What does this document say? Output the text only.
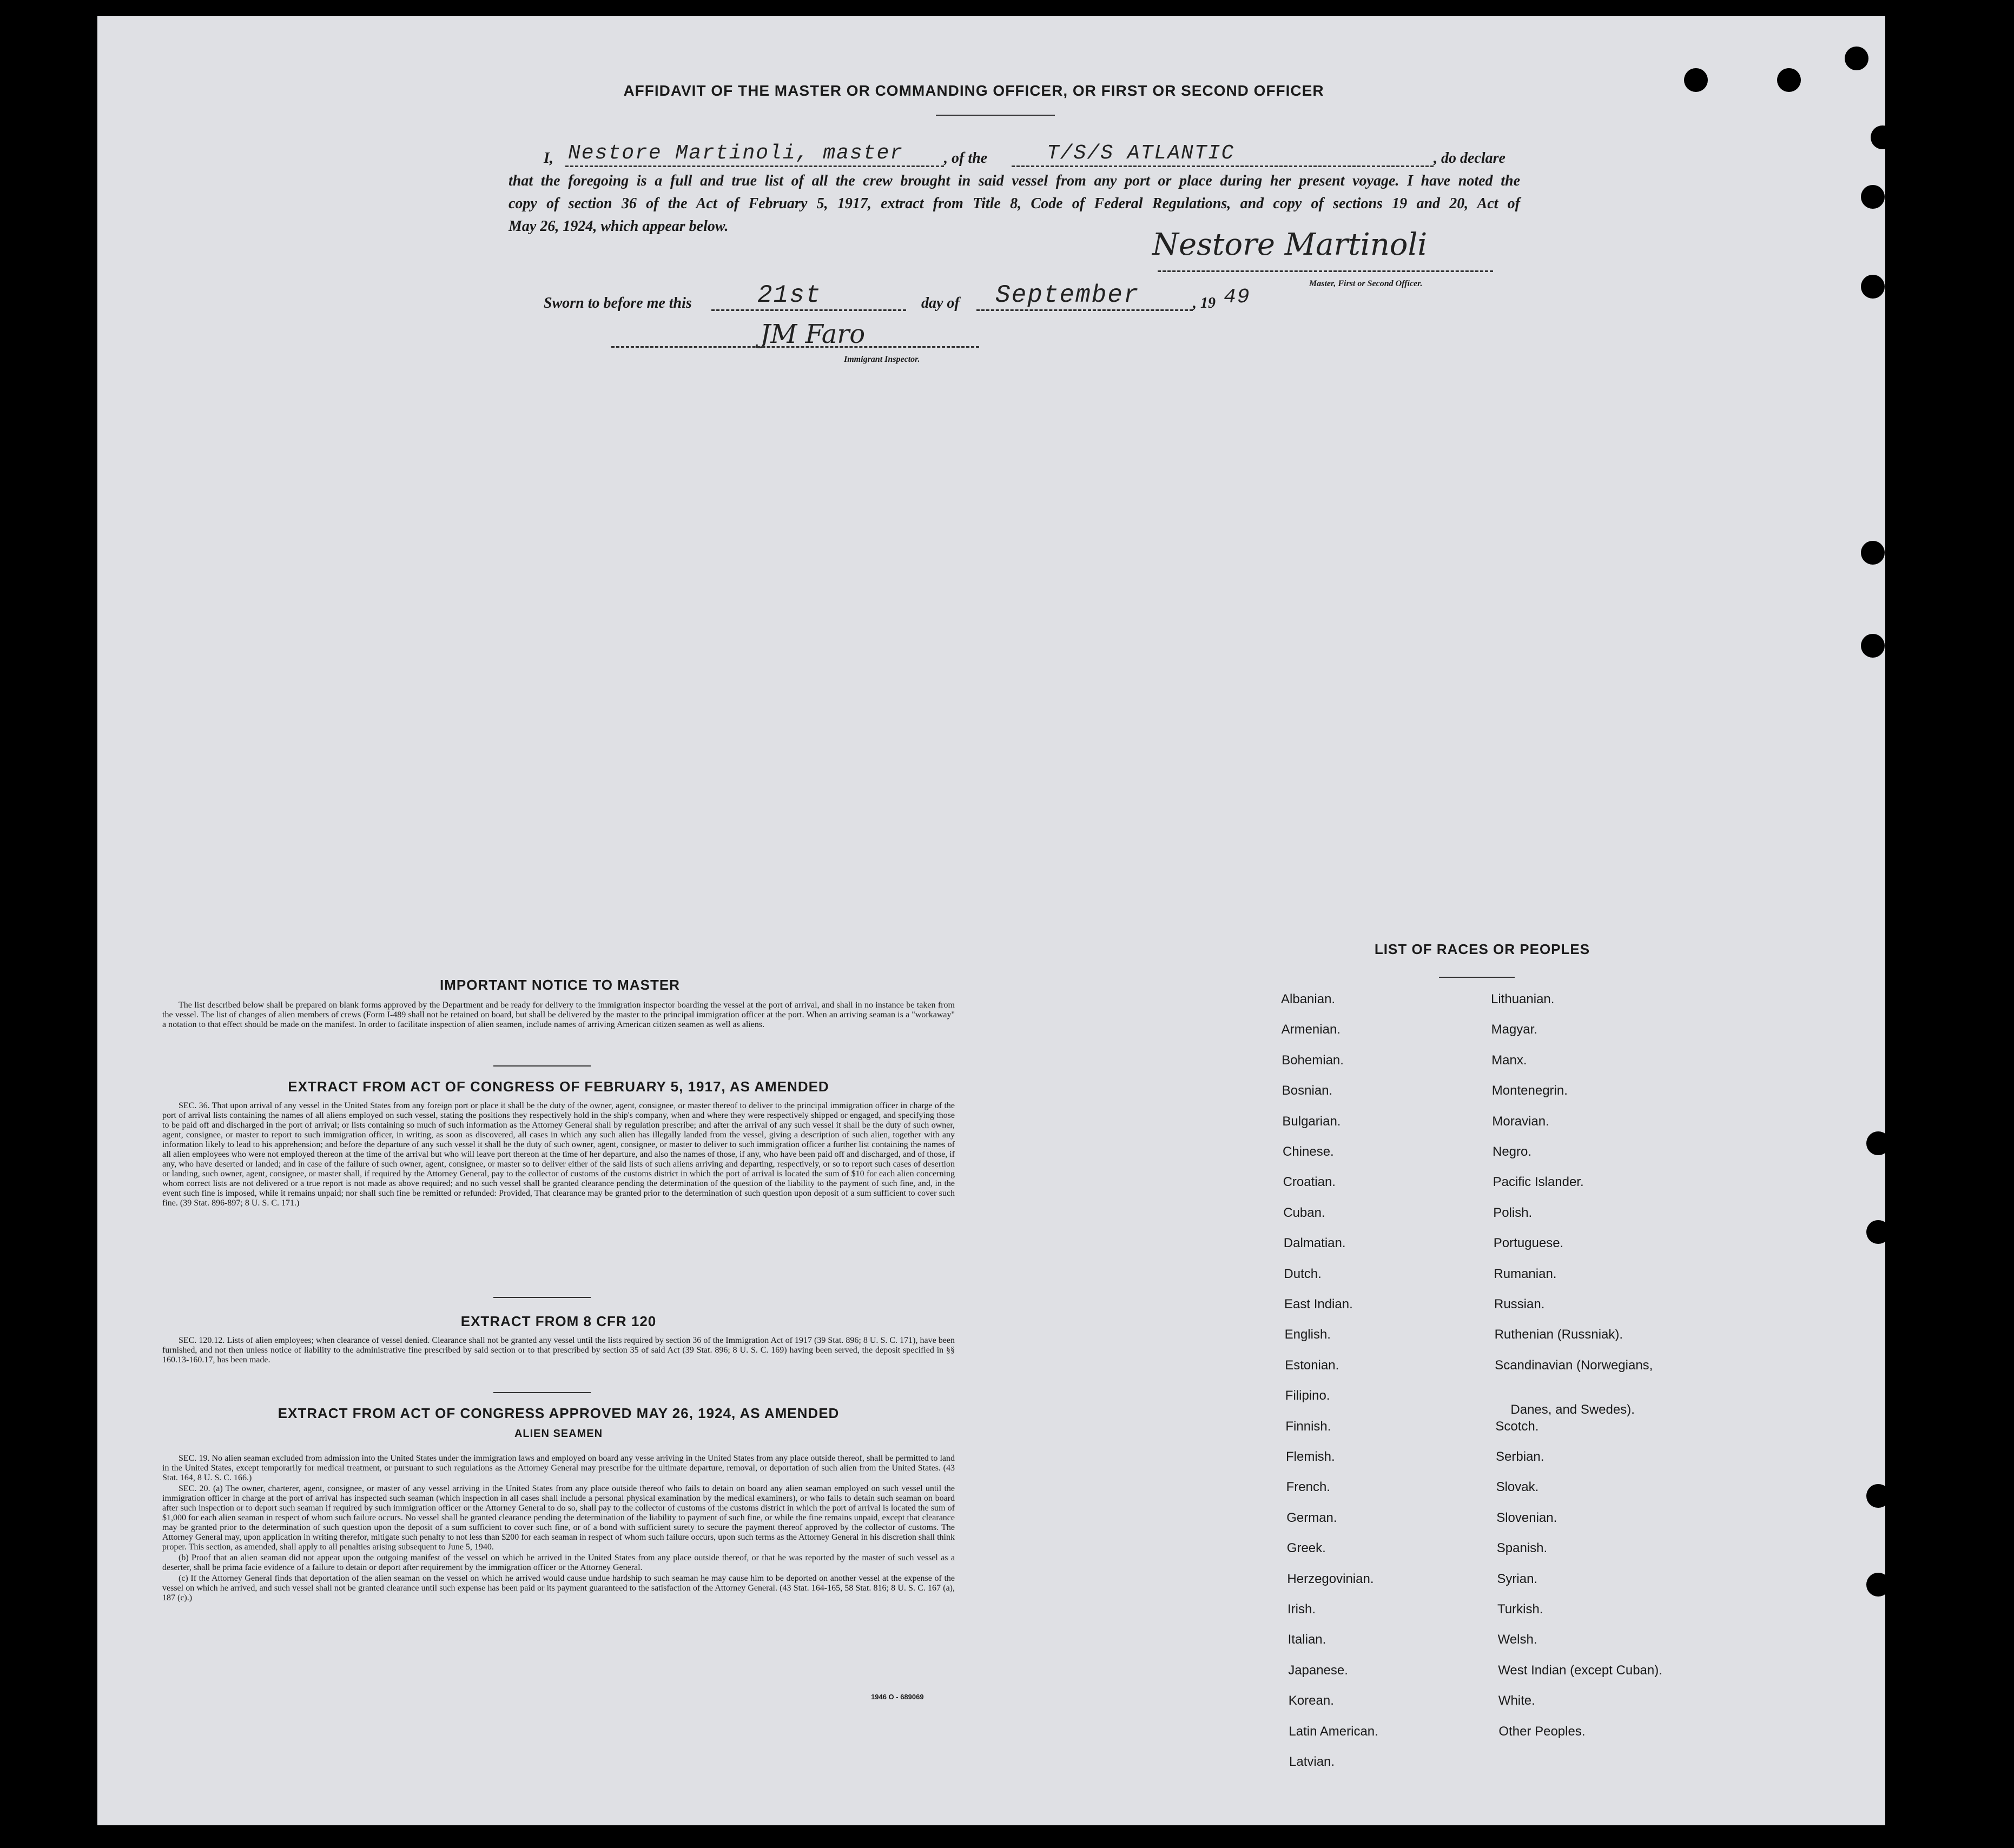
AFFIDAVIT OF THE MASTER OR COMMANDING OFFICER, OR FIRST OR SECOND OFFICER
I, Nestore Martinoli, master	, of the	T/S/S ATLANTIC	, do declare
that the foregoing is a full and true list of all the crew brought in said vessel from any port or place during her present voyage. I have noted the
copy of section 36 of the Act of February 5, 1917, extract from Title 8, Code of Federal Regulations, and copy of sections 19 and 20, Act of
May 26, 1924, which appear below.
Nestore Martinoli
Master, First or Second Officer.
Sworn to before me this	21st	day of September	, 19 49
JM Faro
Immigrant Inspector.
IMPORTANT NOTICE TO MASTER

The list described below shall be prepared on blank forms approved by the Department and be ready for delivery to the immigration inspector boarding the vessel at the port of arrival, and shall in no instance be taken from the vessel. The list of changes of alien members of crews (Form I-489 shall not be retained on board, but shall be delivered by the master to the principal immigration officer at the port. When an arriving seaman is a "workaway" a notation to that effect should be made on the manifest. In order to facilitate inspection of alien seamen, include names of arriving American citizen seamen as well as aliens.

EXTRACT FROM ACT OF CONGRESS OF FEBRUARY 5, 1917, AS AMENDED

SEC. 36. That upon arrival of any vessel in the United States from any foreign port or place it shall be the duty of the owner, agent, consignee, or master thereof to deliver to the principal immigration officer in charge of the port of arrival lists containing the names of all aliens employed on such vessel, stating the positions they respectively hold in the ship's company, when and where they were respectively shipped or engaged, and specifying those to be paid off and discharged in the port of arrival; or lists containing so much of such information as the Attorney General shall by regulation prescribe; and after the arrival of any such vessel it shall be the duty of such owner, agent, consignee, or master to report to such immigration officer, in writing, as soon as discovered, all cases in which any such alien has illegally landed from the vessel, giving a description of such alien, together with any information likely to lead to his apprehension; and before the departure of any such vessel it shall be the duty of such owner, agent, consignee, or master to deliver to such immigration officer a further list containing the names of all alien employees who were not employed thereon at the time of the arrival but who will leave port thereon at the time of her departure, and also the names of those, if any, who have been paid off and discharged, and of those, if any, who have deserted or landed; and in case of the failure of such owner, agent, consignee, or master so to deliver either of the said lists of such aliens arriving and departing, respectively, or so to report such cases of desertion or landing, such owner, agent, consignee, or master shall, if required by the Attorney General, pay to the collector of customs of the customs district in which the port of arrival is located the sum of $10 for each alien concerning whom correct lists are not delivered or a true report is not made as above required; and no such vessel shall be granted clearance pending the determination of the question of the liability to the payment of such fine, and, in the event such fine is imposed, while it remains unpaid; nor shall such fine be remitted or refunded: Provided, That clearance may be granted prior to the determination of such question upon deposit of a sum sufficient to cover such fine. (39 Stat. 896-897; 8 U. S. C. 171.)

EXTRACT FROM 8 CFR 120

SEC. 120.12. Lists of alien employees; when clearance of vessel denied. Clearance shall not be granted any vessel until the lists required by section 36 of the Immigration Act of 1917 (39 Stat. 896; 8 U. S. C. 171), have been furnished, and not then unless notice of liability to the administrative fine prescribed by said section or to that prescribed by section 35 of said Act (39 Stat. 896; 8 U. S. C. 169) having been served, the deposit specified in §§ 160.13-160.17, has been made.

EXTRACT FROM ACT OF CONGRESS APPROVED MAY 26, 1924, AS AMENDED
ALIEN SEAMEN

SEC. 19. No alien seaman excluded from admission into the United States under the immigration laws and employed on board any vesse arriving in the United States from any place outside thereof, shall be permitted to land in the United States, except temporarily for medical treatment, or pursuant to such regulations as the Attorney General may prescribe for the ultimate departure, removal, or deportation of such alien from the United States. (43 Stat. 164, 8 U. S. C. 166.)

SEC. 20. (a) The owner, charterer, agent, consignee, or master of any vessel arriving in the United States from any place outside thereof who fails to detain on board any alien seaman employed on such vessel until the immigration officer in charge at the port of arrival has inspected such seaman (which inspection in all cases shall include a personal physical examination by the medical examiners), or who fails to detain such seaman on board after such inspection or to deport such seaman if required by such immigration officer or the Attorney General to do so, shall pay to the collector of customs of the customs district in which the port of arrival is located the sum of $1,000 for each alien seaman in respect of whom such failure occurs. No vessel shall be granted clearance pending the determination of the liability to payment of such fine, or while the fine remains unpaid, except that clearance may be granted prior to the determination of such question upon the deposit of a sum sufficient to cover such fine, or of a bond with sufficient surety to secure the payment thereof approved by the collector of customs. The Attorney General may, upon application in writing therefor, mitigate such penalty to not less than $200 for each seaman in respect of whom such failure occurs, upon such terms as the Attorney General in his discretion shall think proper. This section, as amended, shall apply to all penalties arising subsequent to June 5, 1940.

(b) Proof that an alien seaman did not appear upon the outgoing manifest of the vessel on which he arrived in the United States from any place outside thereof, or that he was reported by the master of such vessel as a deserter, shall be prima facie evidence of a failure to detain or deport after requirement by the immigration officer or the Attorney General.

(c) If the Attorney General finds that deportation of the alien seaman on the vessel on which he arrived would cause undue hardship to such seaman he may cause him to be deported on another vessel at the expense of the vessel on which he arrived, and such vessel shall not be granted clearance until such expense has been paid or its payment guaranteed to the satisfaction of the Attorney General. (43 Stat. 164-165, 58 Stat. 816; 8 U. S. C. 167 (a), 187 (c).)

1946 O - 689069
LIST OF RACES OR PEOPLES
Albanian.
Armenian.
Bohemian.
Bosnian.
Bulgarian.
Chinese.
Croatian.
Cuban.
Dalmatian.
Dutch.
East Indian.
English.
Estonian.
Filipino.
Finnish.
Flemish.
French.
German.
Greek.
Herzegovinian.
Irish.
Italian.
Japanese.
Korean.
Latin American.
Latvian.
Lithuanian.
Magyar.
Manx.
Montenegrin.
Moravian.
Negro.
Pacific Islander.
Polish.
Portuguese.
Rumanian.
Russian.
Ruthenian (Russniak).
Scandinavian (Norwegians,
Danes, and Swedes).
Scotch.
Serbian.
Slovak.
Slovenian.
Spanish.
Syrian.
Turkish.
Welsh.
West Indian (except Cuban).
White.
Other Peoples.
